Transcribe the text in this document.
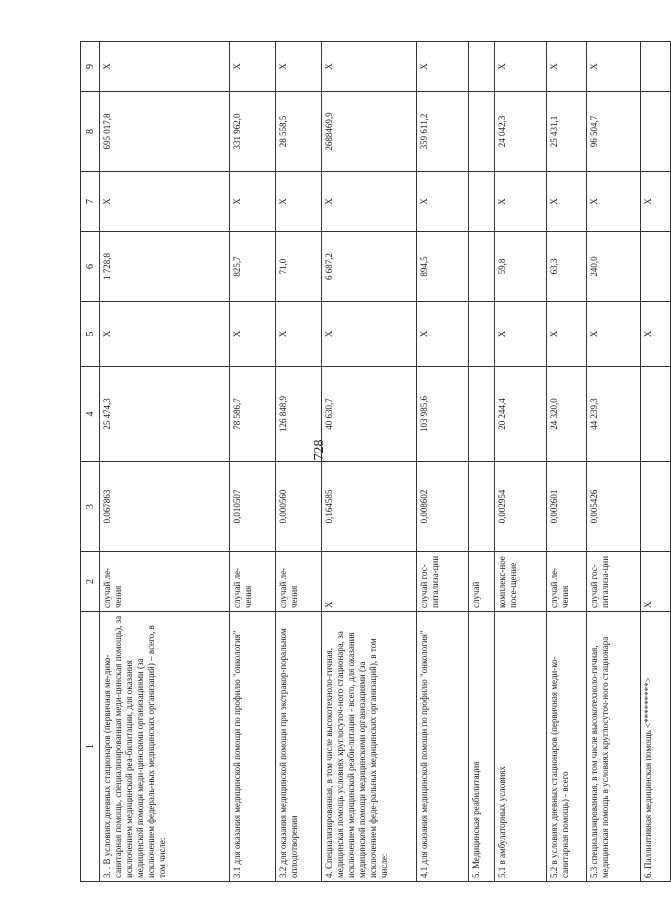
728
1	2	3	4	5	6	7	8	9
3. . В условиях дневных стационаров (первичная ме-дико-санитарная помощь, специализированная меди-цинская помощь), за исключением медицинской реа-билитации, для оказания медицинской помощи меди-цинскими организациями (за исключением федераль-ных медицинских организаций) – всего, в том числе:	случай ле-чения	0,067863	25 474,3	X	1 728,8	X	695 017,8	X
3.1 для оказания медицинской помощи по профилю "онкология"	случай ле-чения	0,010507	78 586,7	X	825,7	X	331 962,0	X
3.2 для оказания медицинской помощи при экстракор-поральном оплодотворении	случай ле-чения	0,000560	126 848,9	X	71,0	X	28 558,5	X
4. Специализированная, в том числе высокотехноло-гичная, медицинская помощь условиях круглосуточ-ного стационара, за исключением медицинской реаби-литации - всего, для оказания медицинской помощи медицинскими организациями (за исключением феде-ральных медицинских организаций), в том числе:	X	0,164585	40 630,7	X	6 687,2	X	2688469,9	X
4.1 для оказания медицинской помощи по профилю "онкология"	случай гос-питализа-ции	0,008602	103 985,6	X	894,5	X	359 611,2	X
5. Медицинская реабилитация	случай							
5.1 в амбулаторных условиях	комплекс-ное посе-щение	0,002954	20 244,4	X	59,8	X	24 042,3	X
5.2 в условиях дневных стационаров (первичная меди-ко-санитарная помощь) - всего	случай ле-чения	0,002601	24 320,0	X	63,3	X	25 431,1	X
5.3 специализированная, в том числе высокотехноло-гичная, медицинская помощь в условиях круглосуточ-ного стационара	случай гос-питализа-ции	0,005426	44 239,3	X	240,0	X	96 504,7	X
6. Паллиативная медицинская помощь <*********>	X			X		X		
